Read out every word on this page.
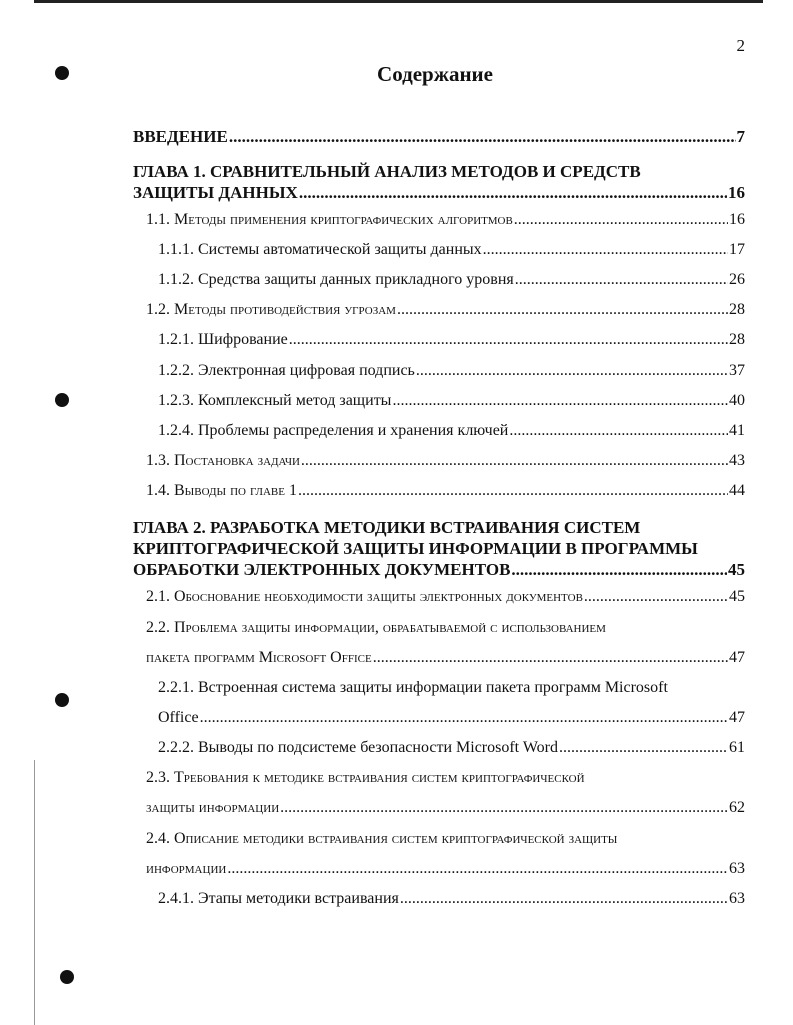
2
Содержание
ВВЕДЕНИЕ .....	7
ГЛАВА 1. СРАВНИТЕЛЬНЫЙ АНАЛИЗ МЕТОДОВ И СРЕДСТВ
ЗАЩИТЫ ДАННЫХ .....	16
1.1. Методы применения криптографических алгоритмов .....	16
1.1.1. Системы автоматической защиты данных .....	17
1.1.2. Средства защиты данных прикладного уровня .....	26
1.2. Методы противодействия угрозам .....	28
1.2.1. Шифрование .....	28
1.2.2. Электронная цифровая подпись .....	37
1.2.3. Комплексный метод защиты .....	40
1.2.4. Проблемы распределения и хранения ключей .....	41
1.3. Постановка задачи .....	43
1.4. Выводы по главе 1 .....	44
ГЛАВА 2. РАЗРАБОТКА МЕТОДИКИ ВСТРАИВАНИЯ СИСТЕМ
КРИПТОГРАФИЧЕСКОЙ ЗАЩИТЫ ИНФОРМАЦИИ В ПРОГРАММЫ
ОБРАБОТКИ ЭЛЕКТРОННЫХ ДОКУМЕНТОВ .....	45
2.1. Обоснование необходимости защиты электронных документов .....	45
2.2. Проблема защиты информации, обрабатываемой с использованием
пакета программ Microsoft Office .....	47
2.2.1. Встроенная система защиты информации пакета программ Microsoft
Office .....	47
2.2.2. Выводы по подсистеме безопасности Microsoft Word .....	61
2.3. Требования к методике встраивания систем криптографической
защиты информации .....	62
2.4. Описание методики встраивания систем криптографической защиты
информации .....	63
2.4.1. Этапы методики встраивания .....	63
